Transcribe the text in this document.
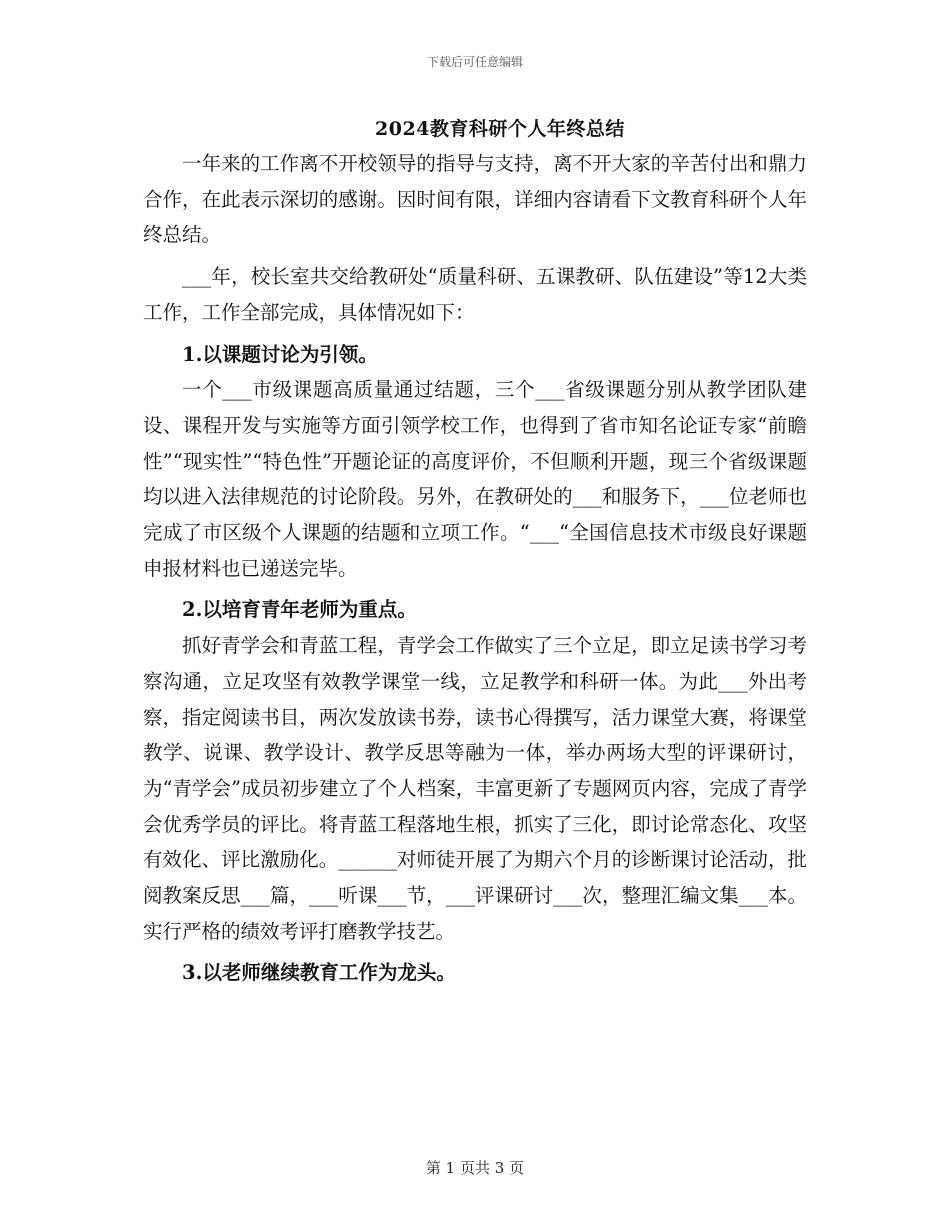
下载后可任意编辑
2024教育科研个人年终总结

一年来的工作离不开校领导的指导与支持，离不开大家的辛苦付出和鼎力合作，在此表示深切的感谢。因时间有限，详细内容请看下文教育科研个人年终总结。

___年，校长室共交给教研处“质量科研、五课教研、队伍建设”等12大类工作，工作全部完成，具体情况如下：

1.以课题讨论为引领。

一个___市级课题高质量通过结题，三个___省级课题分别从教学团队建设、课程开发与实施等方面引领学校工作，也得到了省市知名论证专家“前瞻性”“现实性”“特色性”开题论证的高度评价，不但顺利开题，现三个省级课题均以进入法律规范的讨论阶段。另外，在教研处的___和服务下，___位老师也完成了市区级个人课题的结题和立项工作。“___“全国信息技术市级良好课题申报材料也已递送完毕。

2.以培育青年老师为重点。

抓好青学会和青蓝工程，青学会工作做实了三个立足，即立足读书学习考察沟通，立足攻坚有效教学课堂一线，立足教学和科研一体。为此___外出考察，指定阅读书目，两次发放读书券，读书心得撰写，活力课堂大赛，将课堂教学、说课、教学设计、教学反思等融为一体，举办两场大型的评课研讨，为“青学会”成员初步建立了个人档案，丰富更新了专题网页内容，完成了青学会优秀学员的评比。将青蓝工程落地生根，抓实了三化，即讨论常态化、攻坚有效化、评比激励化。______对师徒开展了为期六个月的诊断课讨论活动，批阅教案反思___篇，___听课___节，___评课研讨___次，整理汇编文集___本。实行严格的绩效考评打磨教学技艺。

3.以老师继续教育工作为龙头。

第 1 页共 3 页
